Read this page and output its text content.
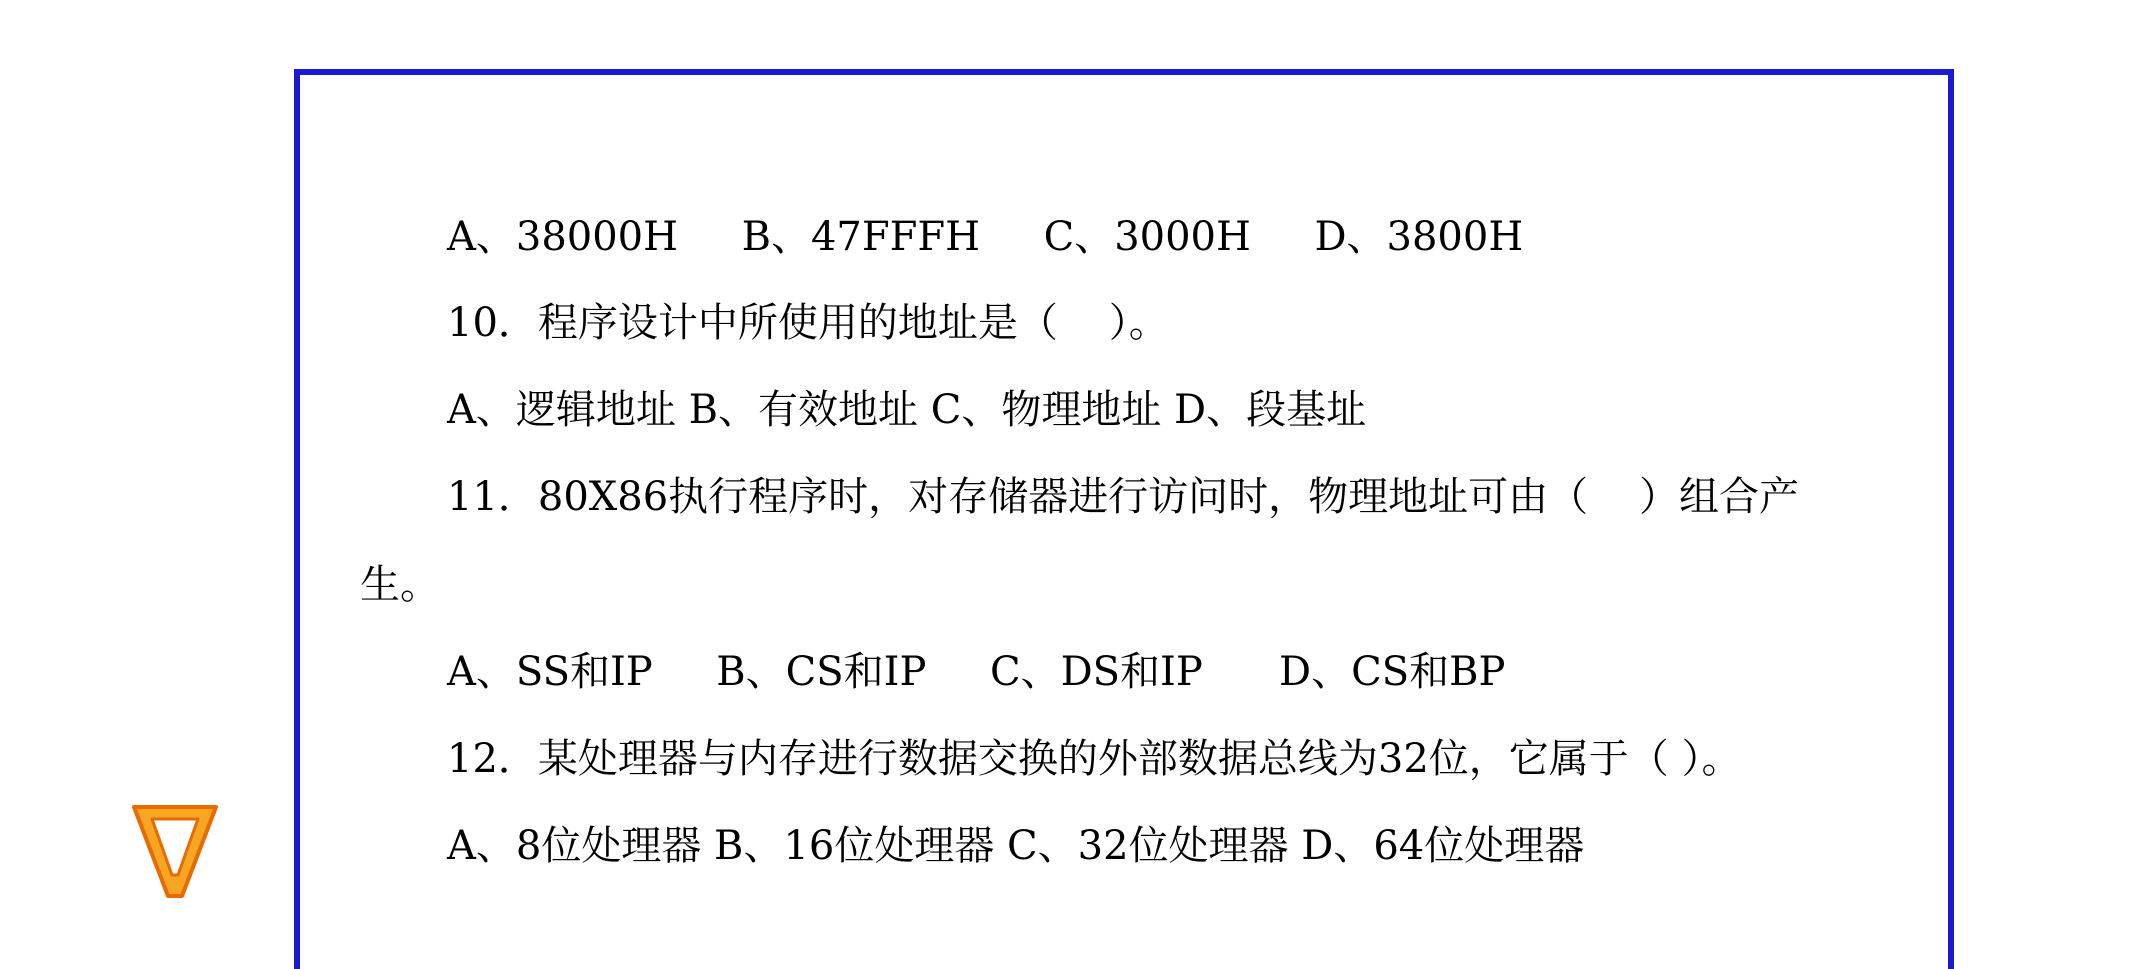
A、38000H     B、47FFFH     C、3000H     D、3800H
10．程序设计中所使用的地址是（    ）。
A、逻辑地址 B、有效地址 C、物理地址 D、段基址
11．80X86执行程序时，对存储器进行访问时，物理地址可由（    ）组合产
生。
A、SS和IP     B、CS和IP     C、DS和IP      D、CS和BP
12．某处理器与内存进行数据交换的外部数据总线为32位，它属于（ ）。
A、8位处理器 B、16位处理器 C、32位处理器 D、64位处理器
